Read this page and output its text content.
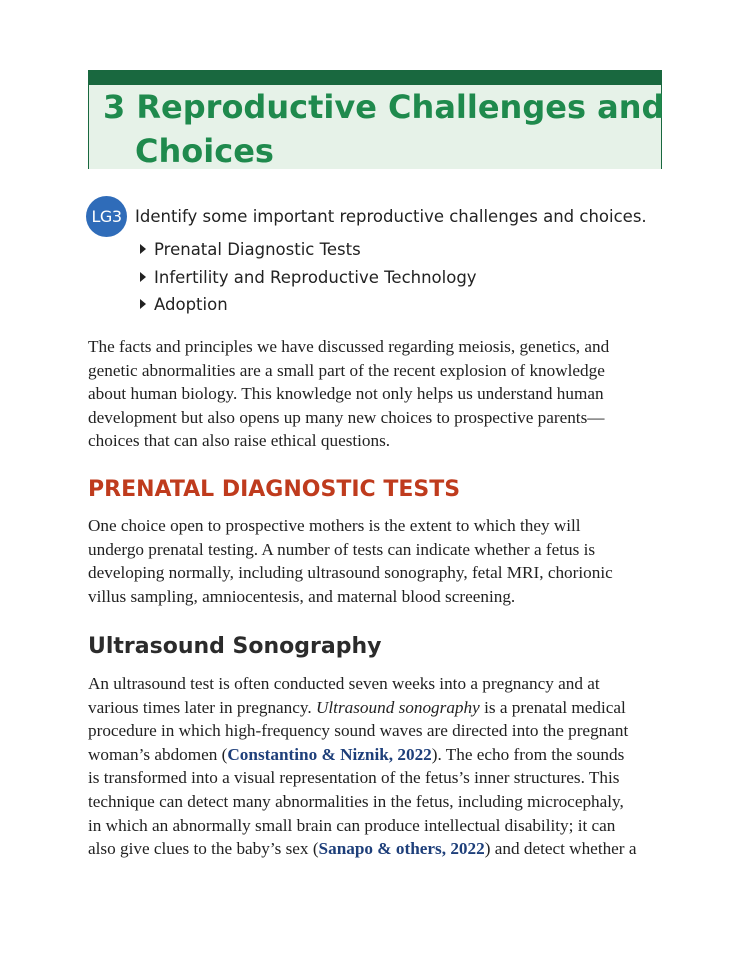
3 Reproductive Challenges and
Choices
LG3 Identify some important reproductive challenges and choices.

Prenatal Diagnostic Tests
Infertility and Reproductive Technology
Adoption

The facts and principles we have discussed regarding meiosis, genetics, and
genetic abnormalities are a small part of the recent explosion of knowledge
about human biology. This knowledge not only helps us understand human
development but also opens up many new choices to prospective parents—
choices that can also raise ethical questions.

PRENATAL DIAGNOSTIC TESTS

One choice open to prospective mothers is the extent to which they will
undergo prenatal testing. A number of tests can indicate whether a fetus is
developing normally, including ultrasound sonography, fetal MRI, chorionic
villus sampling, amniocentesis, and maternal blood screening.

Ultrasound Sonography

An ultrasound test is often conducted seven weeks into a pregnancy and at
various times later in pregnancy. Ultrasound sonography is a prenatal medical
procedure in which high-frequency sound waves are directed into the pregnant
woman’s abdomen (Constantino & Niznik, 2022). The echo from the sounds
is transformed into a visual representation of the fetus’s inner structures. This
technique can detect many abnormalities in the fetus, including microcephaly,
in which an abnormally small brain can produce intellectual disability; it can
also give clues to the baby’s sex (Sanapo & others, 2022) and detect whether a
